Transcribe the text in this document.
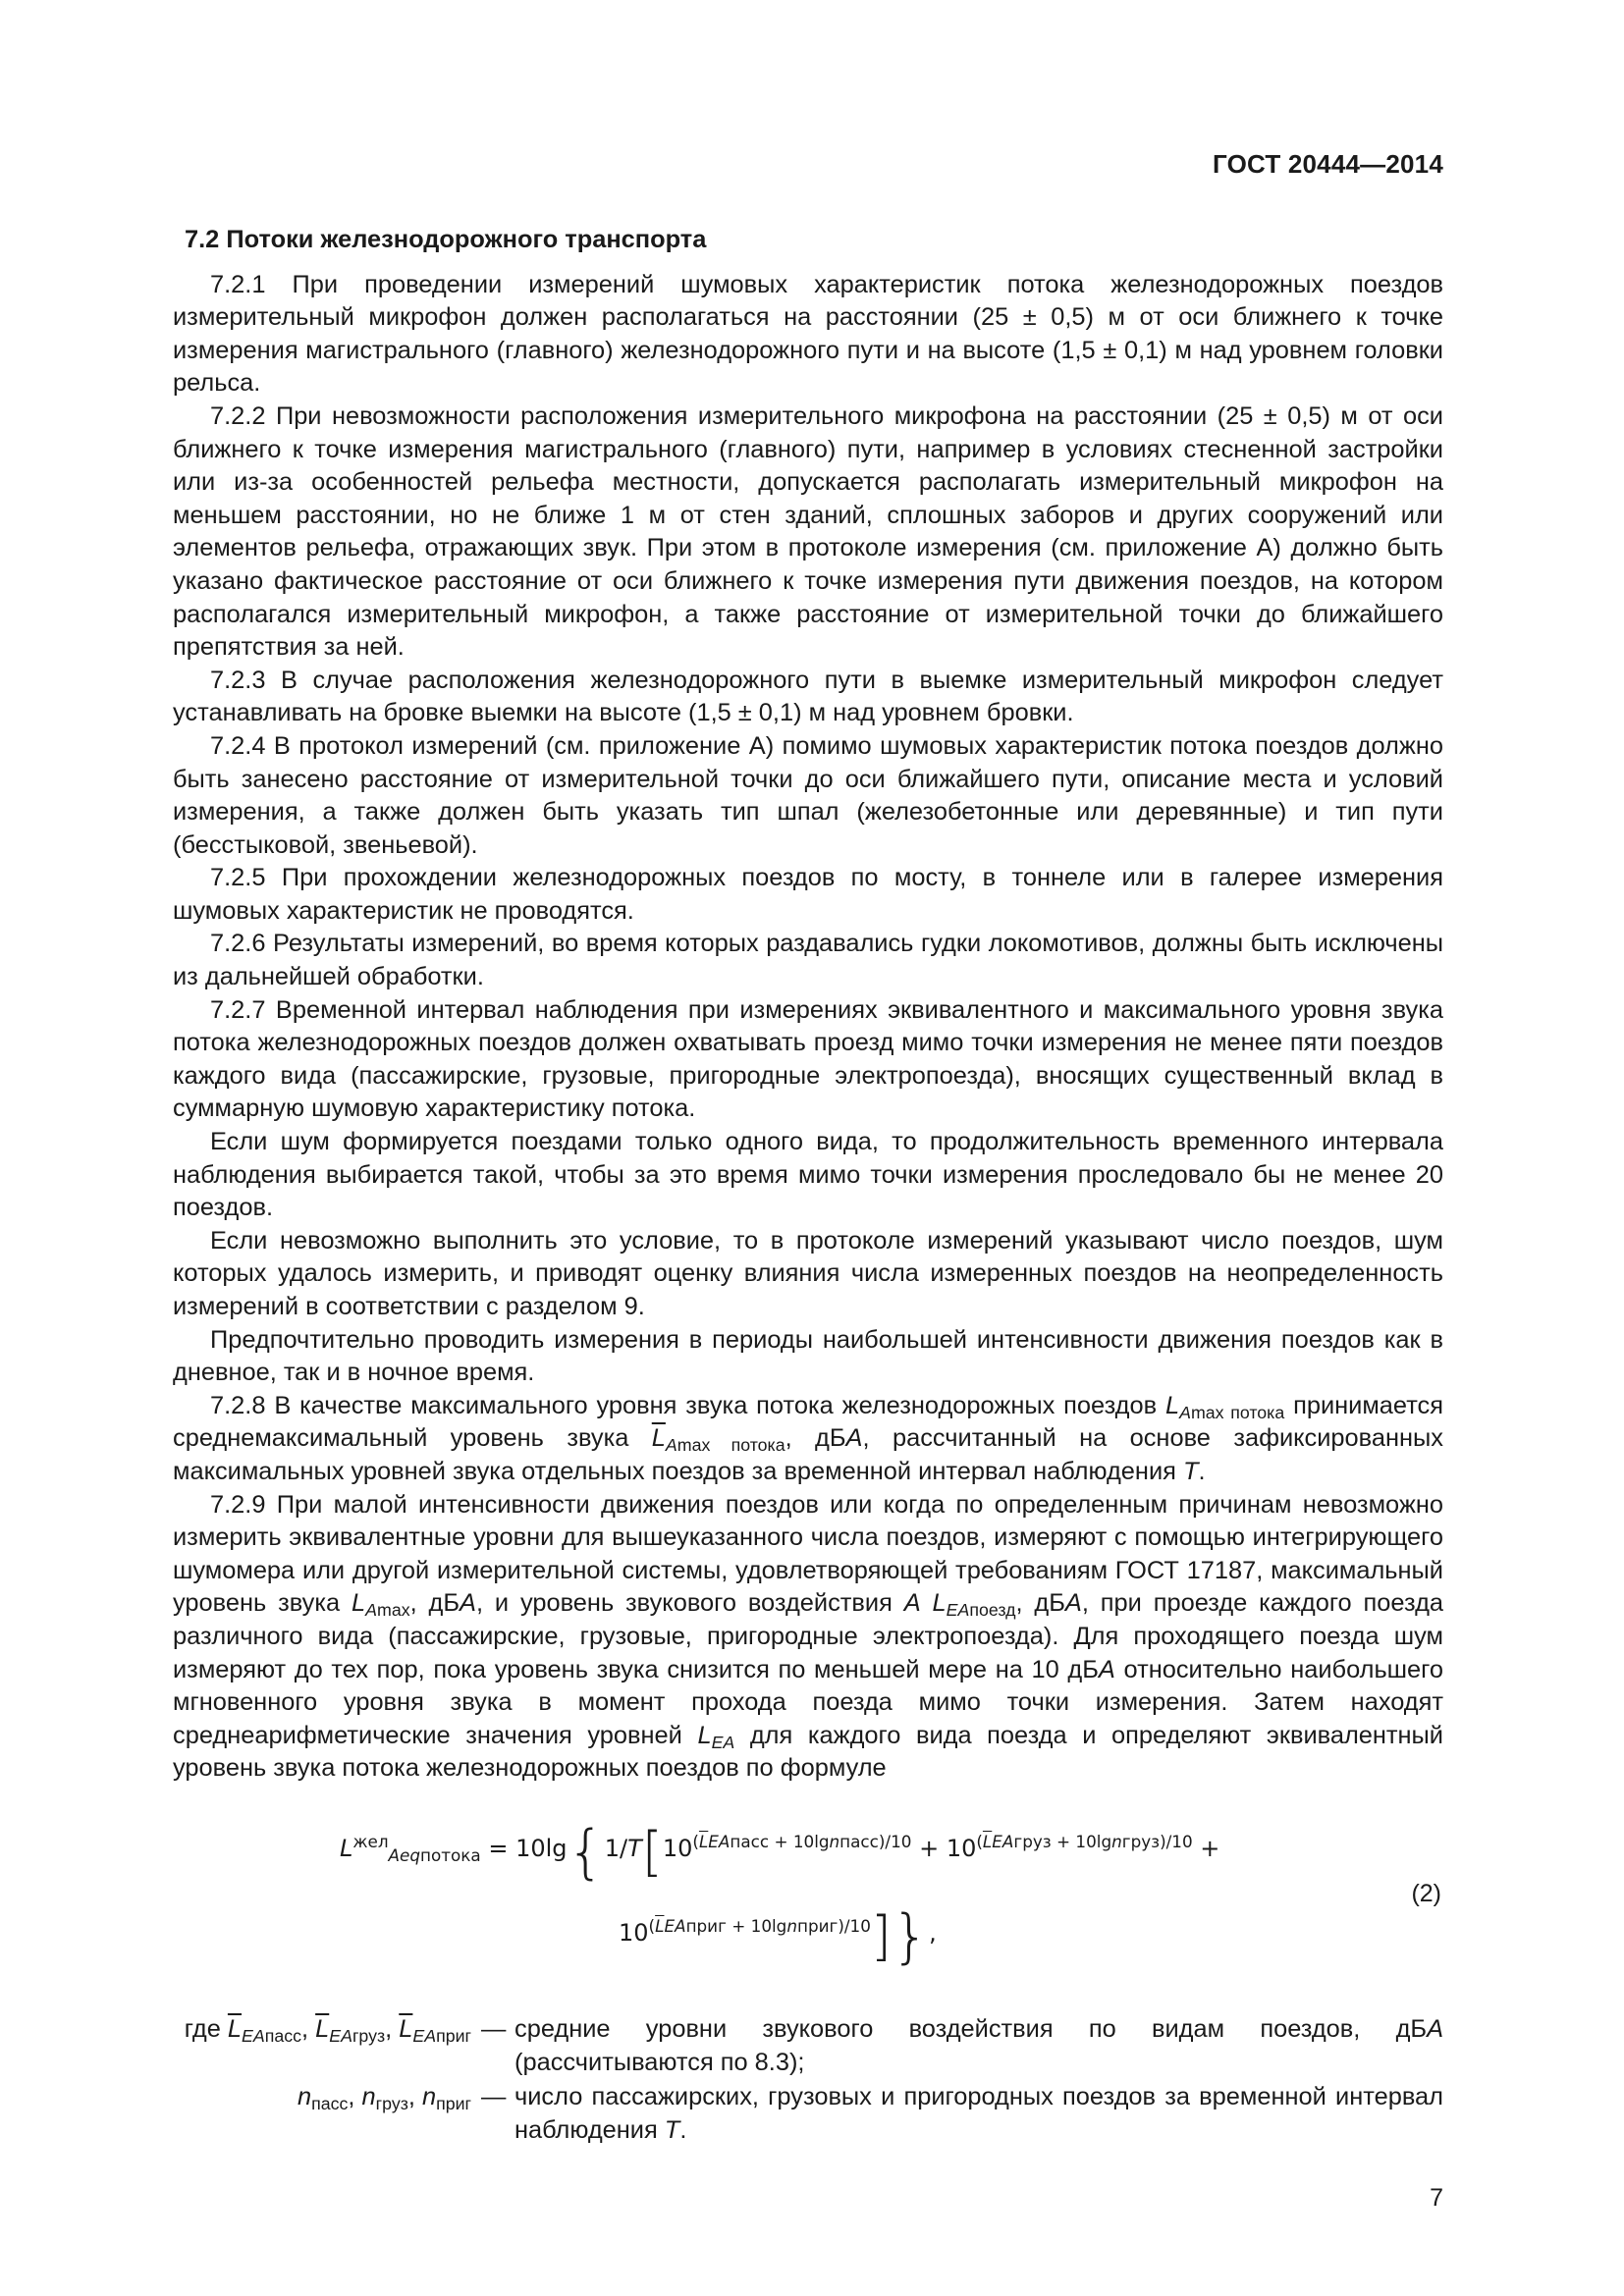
ГОСТ 20444—2014
7.2 Потоки железнодорожного транспорта

7.2.1 При проведении измерений шумовых характеристик потока железнодорожных поездов измерительный микрофон должен располагаться на расстоянии (25 ± 0,5) м от оси ближнего к точке измерения магистрального (главного) железнодорожного пути и на высоте (1,5 ± 0,1) м над уровнем головки рельса.

7.2.2 При невозможности расположения измерительного микрофона на расстоянии (25 ± 0,5) м от оси ближнего к точке измерения магистрального (главного) пути, например в условиях стесненной застройки или из-за особенностей рельефа местности, допускается располагать измерительный микрофон на меньшем расстоянии, но не ближе 1 м от стен зданий, сплошных заборов и других сооружений или элементов рельефа, отражающих звук. При этом в протоколе измерения (см. приложение А) должно быть указано фактическое расстояние от оси ближнего к точке измерения пути движения поездов, на котором располагался измерительный микрофон, а также расстояние от измерительной точки до ближайшего препятствия за ней.

7.2.3 В случае расположения железнодорожного пути в выемке измерительный микрофон следует устанавливать на бровке выемки на высоте (1,5 ± 0,1) м над уровнем бровки.

7.2.4 В протокол измерений (см. приложение А) помимо шумовых характеристик потока поездов должно быть занесено расстояние от измерительной точки до оси ближайшего пути, описание места и условий измерения, а также должен быть указать тип шпал (железобетонные или деревянные) и тип пути (бесстыковой, звеньевой).

7.2.5 При прохождении железнодорожных поездов по мосту, в тоннеле или в галерее измерения шумовых характеристик не проводятся.

7.2.6 Результаты измерений, во время которых раздавались гудки локомотивов, должны быть исключены из дальнейшей обработки.

7.2.7 Временной интервал наблюдения при измерениях эквивалентного и максимального уровня звука потока железнодорожных поездов должен охватывать проезд мимо точки измерения не менее пяти поездов каждого вида (пассажирские, грузовые, пригородные электропоезда), вносящих существенный вклад в суммарную шумовую характеристику потока.

Если шум формируется поездами только одного вида, то продолжительность временного интервала наблюдения выбирается такой, чтобы за это время мимо точки измерения проследовало бы не менее 20 поездов.

Если невозможно выполнить это условие, то в протоколе измерений указывают число поездов, шум которых удалось измерить, и приводят оценку влияния числа измеренных поездов на неопределенность измерений в соответствии с разделом 9.

Предпочтительно проводить измерения в периоды наибольшей интенсивности движения поездов как в дневное, так и в ночное время.

7.2.8 В качестве максимального уровня звука потока железнодорожных поездов $L_{Amax потока}$ принимается среднемаксимальный уровень звука $\overline{L}_{Amax потока}$, дБA, рассчитанный на основе зафиксированных максимальных уровней звука отдельных поездов за временной интервал наблюдения T.

7.2.9 При малой интенсивности движения поездов или когда по определенным причинам невозможно измерить эквивалентные уровни для вышеуказанного числа поездов, измеряют с помощью интегрирующего шумомера или другой измерительной системы, удовлетворяющей требованиям ГОСТ 17187, максимальный уровень звука $L_{Amax}$, дБA, и уровень звукового воздействия A $L_{EAпоезд}$, дБA, при проезде каждого поезда различного вида (пассажирские, грузовые, пригородные электропоезда). Для проходящего поезда шум измеряют до тех пор, пока уровень звука снизится по меньшей мере на 10 дБA относительно наибольшего мгновенного уровня звука в момент прохода поезда мимо точки измерения. Затем находят среднеарифметические значения уровней $L_{EA}$ для каждого вида поезда и определяют эквивалентный уровень звука потока железнодорожных поездов по формуле

$L^{жел}_{Aeqпотока} = 10\lg\{1/T[10^{(\overline{L}EAпасс + 10lgnпасс)/10} + 10^{(\overline{L}EAгруз + 10lgnгруз)/10}$ +
$10^{(\overline{L}EAприг + 10lgnприг)/10}$]},
(2)
где $\overline{L}_{EAпасс}$, $\overline{L}_{EAгруз}$, $\overline{L}_{EAприг}$ — средние уровни звукового воздействия по видам поездов, дБA (рассчитываются по 8.3);
$n_{пасс}$, $n_{груз}$, $n_{приг}$ — число пассажирских, грузовых и пригородных поездов за временной интервал наблюдения T.
7
